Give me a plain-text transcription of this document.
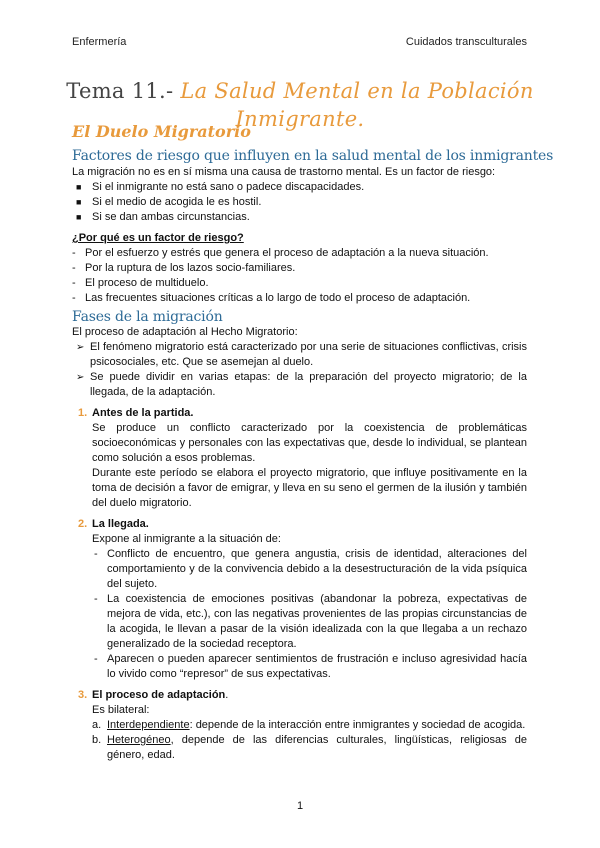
Enfermería	Cuidados transculturales
Tema 11.- La Salud Mental en la Población Inmigrante.
El Duelo Migratorio
Factores de riesgo que influyen en la salud mental de los inmigrantes
La migración no es en sí misma una causa de trastorno mental. Es un factor de riesgo:
■ Si el inmigrante no está sano o padece discapacidades.
■ Si el medio de acogida le es hostil.
■ Si se dan ambas circunstancias.
¿Por qué es un factor de riesgo?
- Por el esfuerzo y estrés que genera el proceso de adaptación a la nueva situación.
- Por la ruptura de los lazos socio-familiares.
- El proceso de multiduelo.
- Las frecuentes situaciones críticas a lo largo de todo el proceso de adaptación.
Fases de la migración
El proceso de adaptación al Hecho Migratorio:
➢ El fenómeno migratorio está caracterizado por una serie de situaciones conflictivas, crisis psicosociales, etc. Que se asemejan al duelo.
➢ Se puede dividir en varias etapas: de la preparación del proyecto migratorio; de la llegada, de la adaptación.
1. Antes de la partida.
Se produce un conflicto caracterizado por la coexistencia de problemáticas socioeconómicas y personales con las expectativas que, desde lo individual, se plantean como solución a esos problemas.
Durante este período se elabora el proyecto migratorio, que influye positivamente en la toma de decisión a favor de emigrar, y lleva en su seno el germen de la ilusión y también del duelo migratorio.
2. La llegada.
Expone al inmigrante a la situación de:
- Conflicto de encuentro, que genera angustia, crisis de identidad, alteraciones del comportamiento y de la convivencia debido a la desestructuración de la vida psíquica del sujeto.
- La coexistencia de emociones positivas (abandonar la pobreza, expectativas de mejora de vida, etc.), con las negativas provenientes de las propias circunstancias de la acogida, le llevan a pasar de la visión idealizada con la que llegaba a un rechazo generalizado de la sociedad receptora.
- Aparecen o pueden aparecer sentimientos de frustración e incluso agresividad hacía lo vivido como “represor” de sus expectativas.
3. El proceso de adaptación.
Es bilateral:
a. Interdependiente: depende de la interacción entre inmigrantes y sociedad de acogida.
b. Heterogéneo, depende de las diferencias culturales, lingüísticas, religiosas de género, edad.
1
